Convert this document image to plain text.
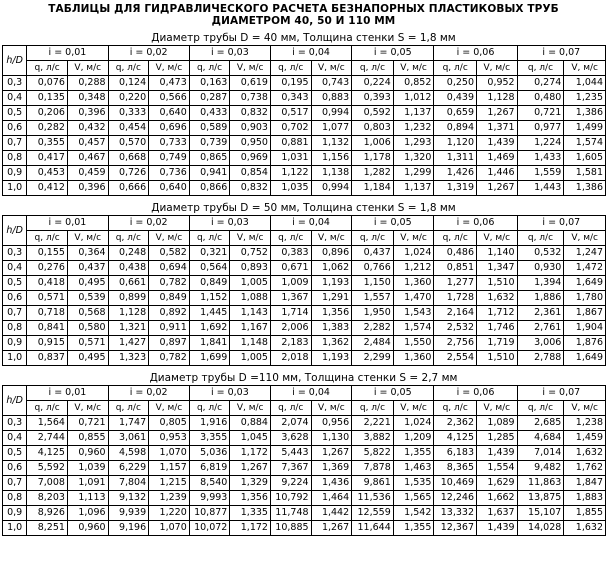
ТАБЛИЦЫ ДЛЯ ГИДРАВЛИЧЕСКОГО РАСЧЕТА БЕЗНАПОРНЫХ ПЛАСТИКОВЫХ ТРУБ
ДИАМЕТРОМ 40, 50 И 110 ММ
Диаметр трубы D = 40 мм, Толщина стенки S = 1,8 мм
h/D	i = 0,01		i = 0,02		i = 0,03		i = 0,04		i = 0,05		i = 0,06		i = 0,07	
	q, л/с	V, м/с	q, л/с	V, м/с	q, л/с	V, м/с	q, л/с	V, м/с	q, л/с	V, м/с	q, л/с	V, м/с	q, л/с	V, м/с
0,3	0,076	0,288	0,124	0,473	0,163	0,619	0,195	0,743	0,224	0,852	0,250	0,952	0,274	1,044
0,4	0,135	0,348	0,220	0,566	0,287	0,738	0,343	0,883	0,393	1,012	0,439	1,128	0,480	1,235
0,5	0,206	0,396	0,333	0,640	0,433	0,832	0,517	0,994	0,592	1,137	0,659	1,267	0,721	1,386
0,6	0,282	0,432	0,454	0,696	0,589	0,903	0,702	1,077	0,803	1,232	0,894	1,371	0,977	1,499
0,7	0,355	0,457	0,570	0,733	0,739	0,950	0,881	1,132	1,006	1,293	1,120	1,439	1,224	1,574
0,8	0,417	0,467	0,668	0,749	0,865	0,969	1,031	1,156	1,178	1,320	1,311	1,469	1,433	1,605
0,9	0,453	0,459	0,726	0,736	0,941	0,854	1,122	1,138	1,282	1,299	1,426	1,446	1,559	1,581
1,0	0,412	0,396	0,666	0,640	0,866	0,832	1,035	0,994	1,184	1,137	1,319	1,267	1,443	1,386
Диаметр трубы D = 50 мм, Толщина стенки S = 1,8 мм
h/D	i = 0,01		i = 0,02		i = 0,03		i = 0,04		i = 0,05		i = 0,06		i = 0,07	
	q, л/с	V, м/с	q, л/с	V, м/с	q, л/с	V, м/с	q, л/с	V, м/с	q, л/с	V, м/с	q, л/с	V, м/с	q, л/с	V, м/с
0,3	0,155	0,364	0,248	0,582	0,321	0,752	0,383	0,896	0,437	1,024	0,486	1,140	0,532	1,247
0,4	0,276	0,437	0,438	0,694	0,564	0,893	0,671	1,062	0,766	1,212	0,851	1,347	0,930	1,472
0,5	0,418	0,495	0,661	0,782	0,849	1,005	1,009	1,193	1,150	1,360	1,277	1,510	1,394	1,649
0,6	0,571	0,539	0,899	0,849	1,152	1,088	1,367	1,291	1,557	1,470	1,728	1,632	1,886	1,780
0,7	0,718	0,568	1,128	0,892	1,445	1,143	1,714	1,356	1,950	1,543	2,164	1,712	2,361	1,867
0,8	0,841	0,580	1,321	0,911	1,692	1,167	2,006	1,383	2,282	1,574	2,532	1,746	2,761	1,904
0,9	0,915	0,571	1,427	0,897	1,841	1,148	2,183	1,362	2,484	1,550	2,756	1,719	3,006	1,876
1,0	0,837	0,495	1,323	0,782	1,699	1,005	2,018	1,193	2,299	1,360	2,554	1,510	2,788	1,649
Диаметр трубы D =110 мм, Толщина стенки S = 2,7 мм
h/D	i = 0,01		i = 0,02		i = 0,03		i = 0,04		i = 0,05		i = 0,06		i = 0,07	
	q, л/с	V, м/с	q, л/с	V, м/с	q, л/с	V, м/с	q, л/с	V, м/с	q, л/с	V, м/с	q, л/с	V, м/с	q, л/с	V, м/с
0,3	1,564	0,721	1,747	0,805	1,916	0,884	2,074	0,956	2,221	1,024	2,362	1,089	2,685	1,238
0,4	2,744	0,855	3,061	0,953	3,355	1,045	3,628	1,130	3,882	1,209	4,125	1,285	4,684	1,459
0,5	4,125	0,960	4,598	1,070	5,036	1,172	5,443	1,267	5,822	1,355	6,183	1,439	7,014	1,632
0,6	5,592	1,039	6,229	1,157	6,819	1,267	7,367	1,369	7,878	1,463	8,365	1,554	9,482	1,762
0,7	7,008	1,091	7,804	1,215	8,540	1,329	9,224	1,436	9,861	1,535	10,469	1,629	11,863	1,847
0,8	8,203	1,113	9,132	1,239	9,993	1,356	10,792	1,464	11,536	1,565	12,246	1,662	13,875	1,883
0,9	8,926	1,096	9,939	1,220	10,877	1,335	11,748	1,442	12,559	1,542	13,332	1,637	15,107	1,855
1,0	8,251	0,960	9,196	1,070	10,072	1,172	10,885	1,267	11,644	1,355	12,367	1,439	14,028	1,632
